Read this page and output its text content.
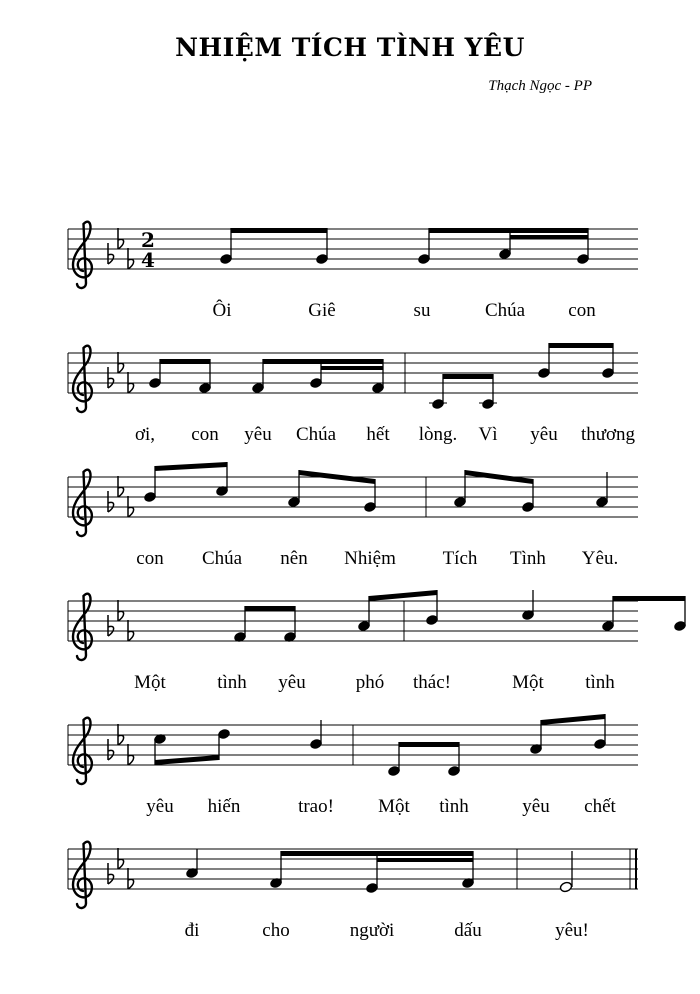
NHIỆM TÍCH TÌNH YÊU
Thạch Ngọc - PP
2
4
Ôi	Giê	su	Chúa con
ơi, con yêu Chúa hết lòng. Vì yêu thương
con Chúa nên Nhiệm Tích Tình Yêu.
Một	tình yêu	phó thác!	Một tình
yêu hiến	trao! Một tình	yêu chết
đi	cho	người	dấu	yêu!
